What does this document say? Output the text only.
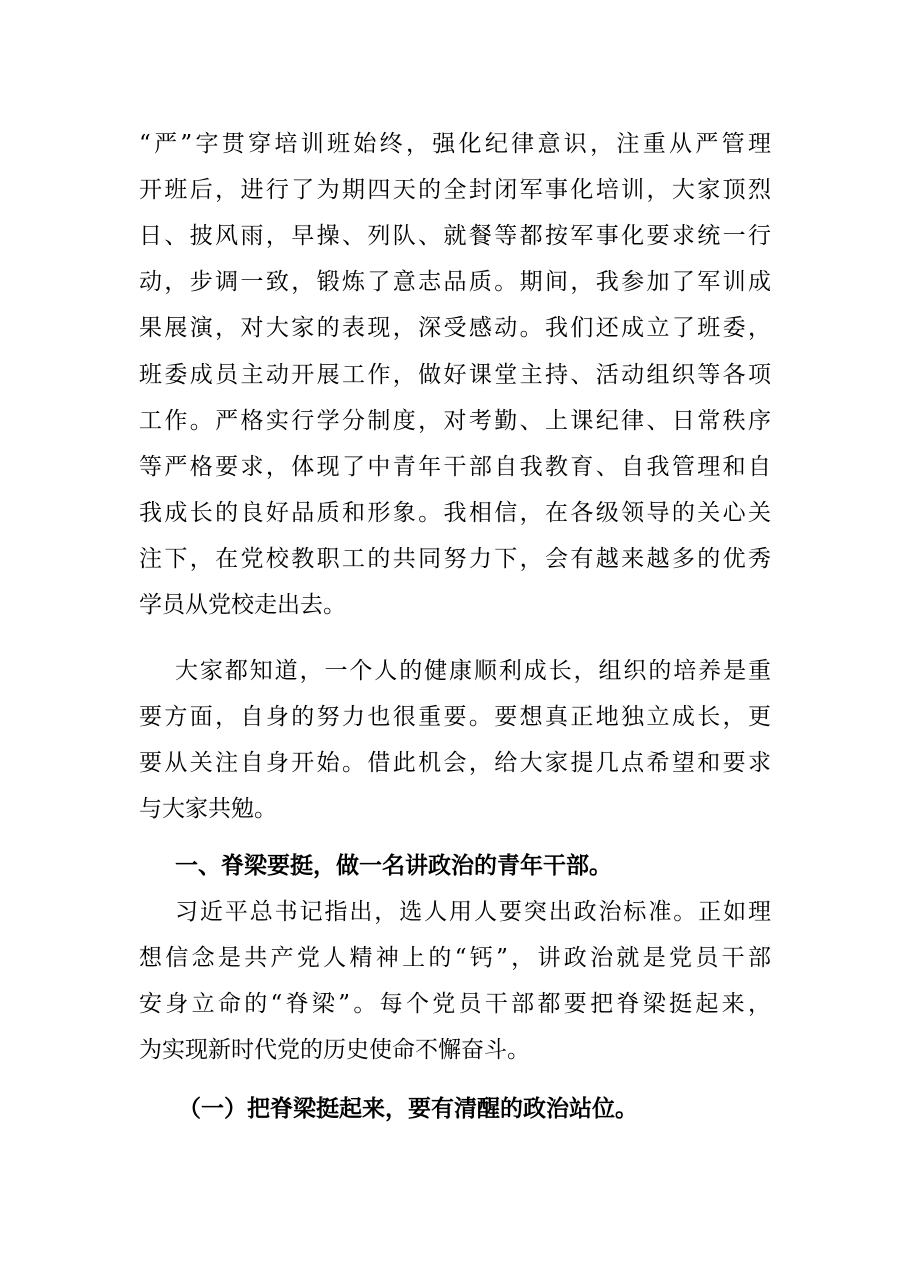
“严”字贯穿培训班始终，强化纪律意识，注重从严管理
开班后，进行了为期四天的全封闭军事化培训，大家顶烈
日、披风雨，早操、列队、就餐等都按军事化要求统一行
动，步调一致，锻炼了意志品质。期间，我参加了军训成
果展演，对大家的表现，深受感动。我们还成立了班委，
班委成员主动开展工作，做好课堂主持、活动组织等各项
工作。严格实行学分制度，对考勤、上课纪律、日常秩序
等严格要求，体现了中青年干部自我教育、自我管理和自
我成长的良好品质和形象。我相信，在各级领导的关心关
注下，在党校教职工的共同努力下，会有越来越多的优秀
学员从党校走出去。
大家都知道，一个人的健康顺利成长，组织的培养是重
要方面，自身的努力也很重要。要想真正地独立成长，更
要从关注自身开始。借此机会，给大家提几点希望和要求
与大家共勉。
一、脊梁要挺，做一名讲政治的青年干部。
习近平总书记指出，选人用人要突出政治标准。正如理
想信念是共产党人精神上的“钙”，讲政治就是党员干部
安身立命的“脊梁”。每个党员干部都要把脊梁挺起来，
为实现新时代党的历史使命不懈奋斗。
（一）把脊梁挺起来，要有清醒的政治站位。
